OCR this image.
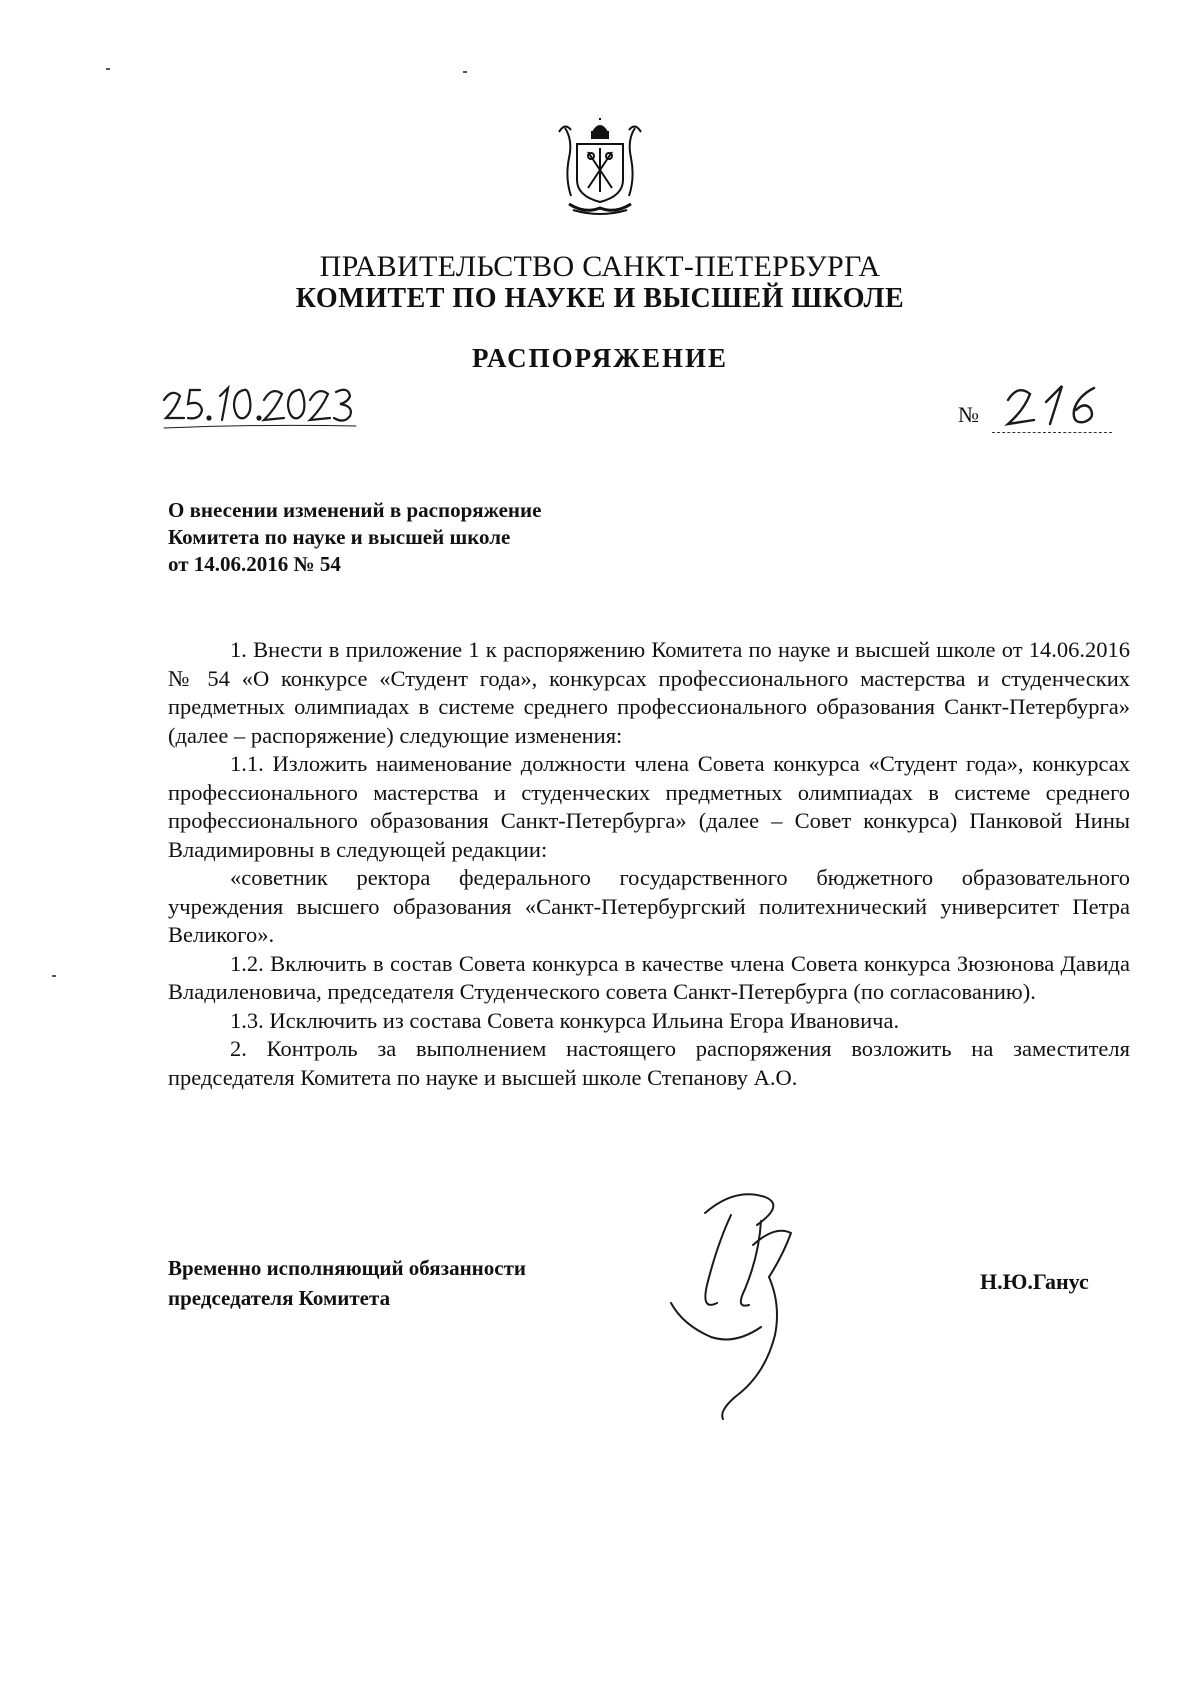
ПРАВИТЕЛЬСТВО САНКТ-ПЕТЕРБУРГА
КОМИТЕТ ПО НАУКЕ И ВЫСШЕЙ ШКОЛЕ
РАСПОРЯЖЕНИЕ
№
О внесении изменений в распоряжение
Комитета по науке и высшей школе
от 14.06.2016 № 54

1. Внести в приложение 1 к распоряжению Комитета по науке и высшей школе от 14.06.2016 № 54 «О конкурсе «Студент года», конкурсах профессионального мастерства и студенческих предметных олимпиадах в системе среднего профессионального образования Санкт-Петербурга» (далее – распоряжение) следующие изменения:

1.1. Изложить наименование должности члена Совета конкурса «Студент года», конкурсах профессионального мастерства и студенческих предметных олимпиадах в системе среднего профессионального образования Санкт-Петербурга» (далее – Совет конкурса) Панковой Нины Владимировны в следующей редакции:

«советник ректора федерального государственного бюджетного образовательного учреждения высшего образования «Санкт-Петербургский политехнический университет Петра Великого».

1.2. Включить в состав Совета конкурса в качестве члена Совета конкурса Зюзюнова Давида Владиленовича, председателя Студенческого совета Санкт-Петербурга (по согласованию).

1.3. Исключить из состава Совета конкурса Ильина Егора Ивановича.

2. Контроль за выполнением настоящего распоряжения возложить на заместителя председателя Комитета по науке и высшей школе Степанову А.О.

Временно исполняющий обязанности
председателя Комитета
Н.Ю.Ганус
